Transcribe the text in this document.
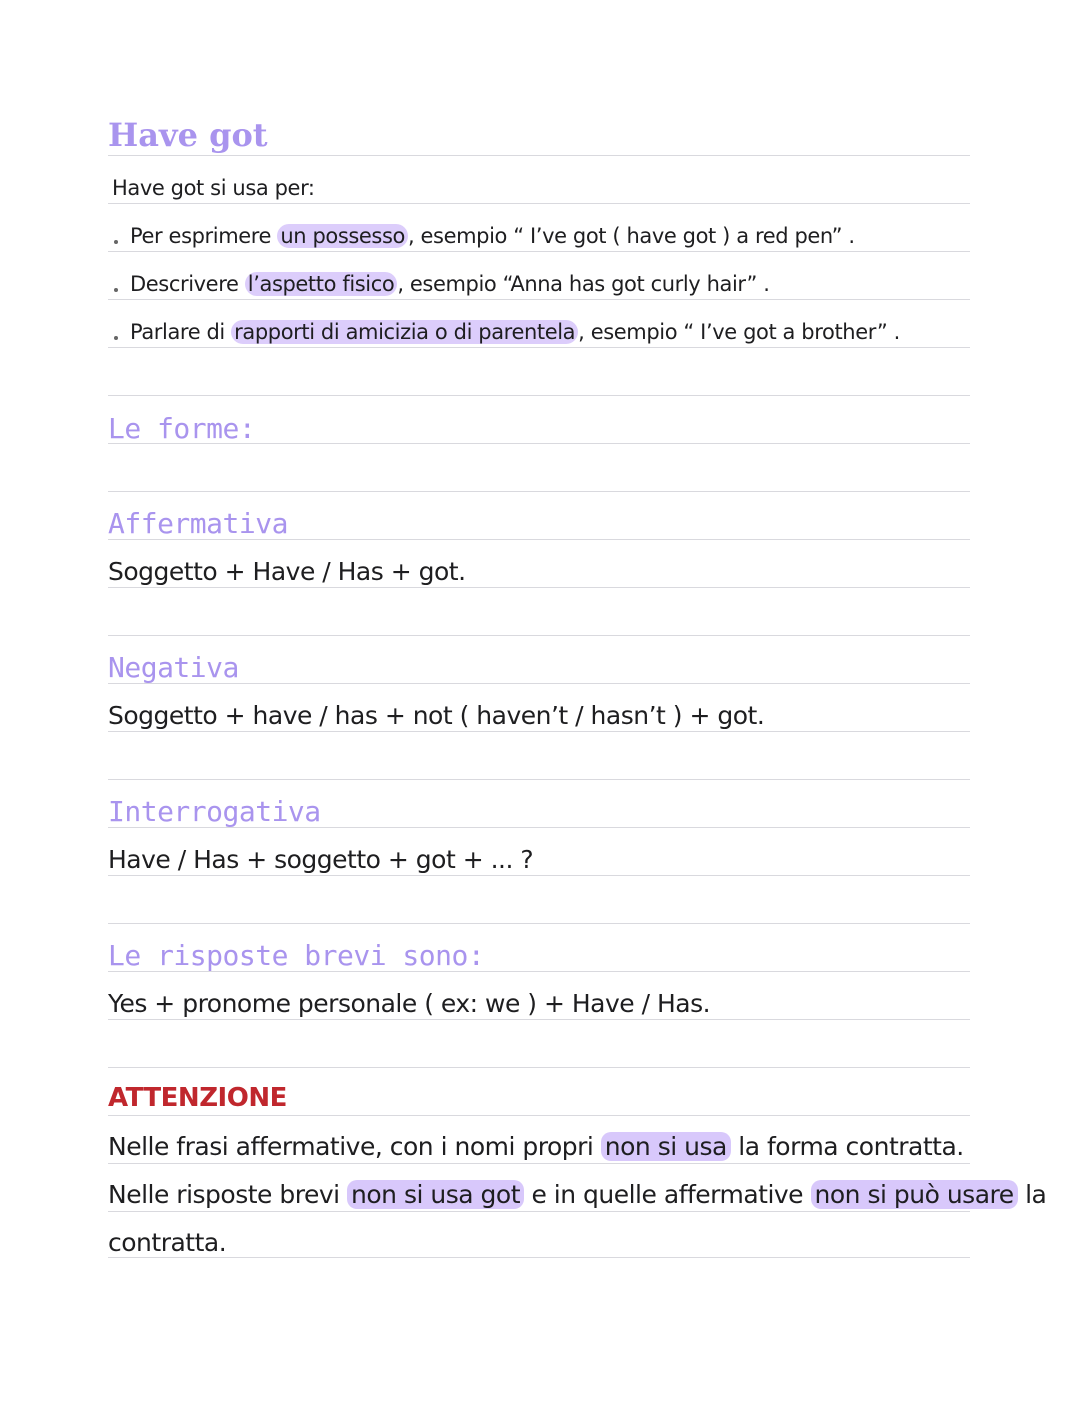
Have got
Have got si usa per:
Per esprimere un possesso , esempio “ I’ve got ( have got ) a red pen” .
Descrivere l’aspetto fisico , esempio “Anna has got curly hair” .
Parlare di rapporti di amicizia o di parentela , esempio “ I’ve got a brother” .
Le forme:
Affermativa
Soggetto + Have / Has + got.
Negativa
Soggetto + have / has + not ( haven’t / hasn’t ) + got.
Interrogativa
Have / Has + soggetto + got + ... ?
Le risposte brevi sono:
Yes + pronome personale ( ex: we ) + Have / Has.
ATTENZIONE
Nelle frasi affermative, con i nomi propri non si usa la forma contratta.
Nelle risposte brevi non si usa got e in quelle affermative non si può usare la
contratta.
